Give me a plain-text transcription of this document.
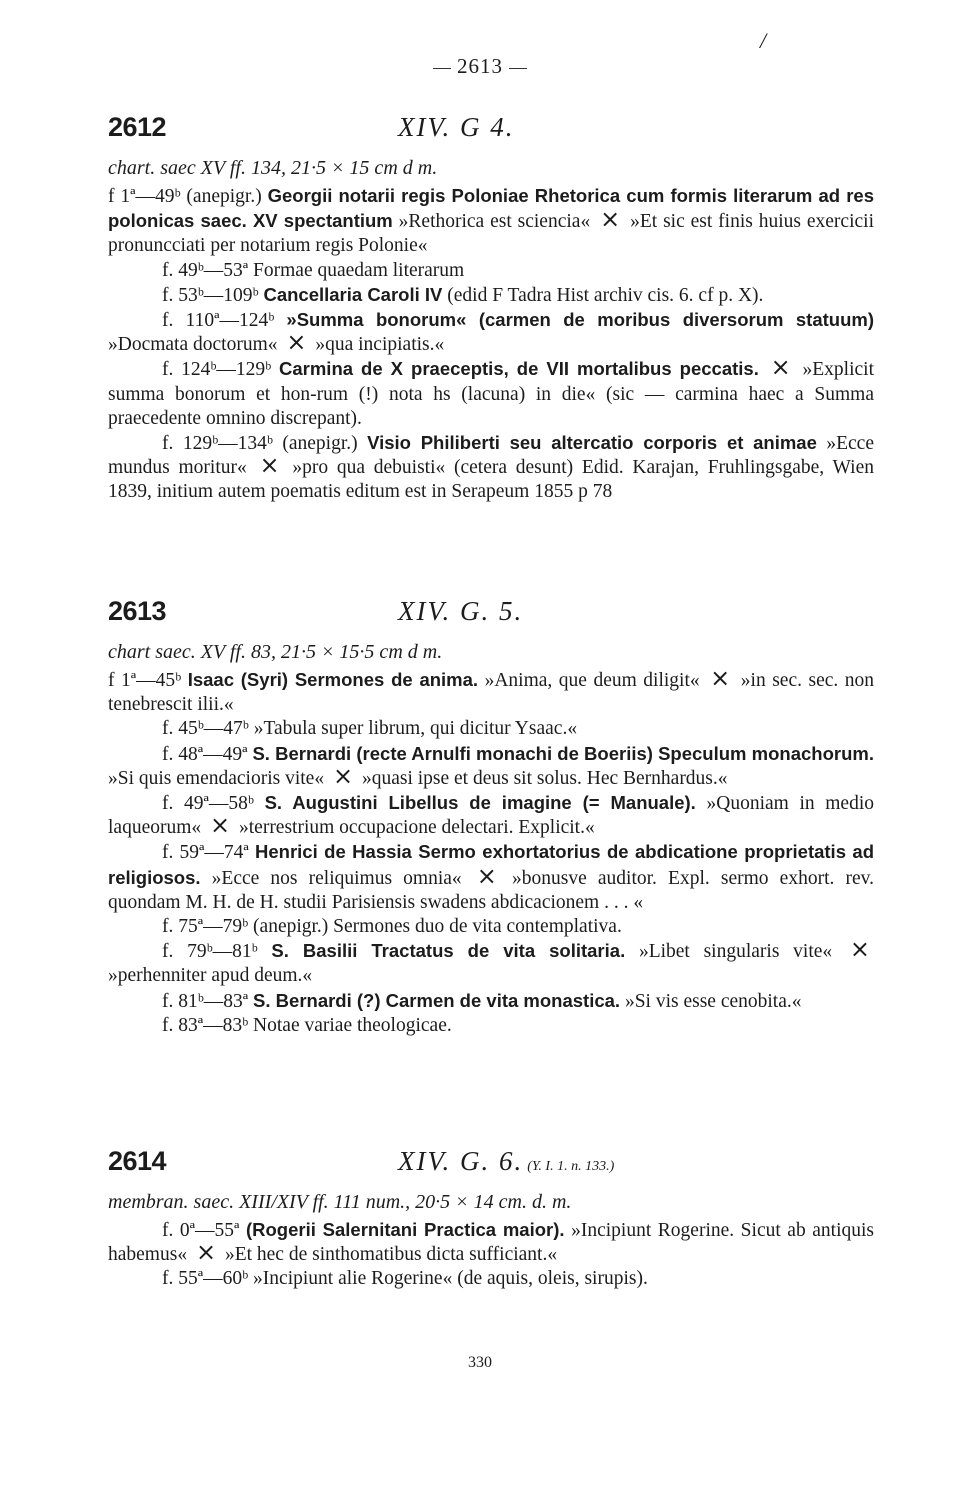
/
2613
2612	XIV. G 4.
chart. saec XV ff. 134, 21·5 × 15 cm d m.

f 1ª—49ᵇ (anepigr.) Georgii notarii regis Poloniae Rhetorica cum formis literarum ad res polonicas saec. XV spectantium »Rethorica est sciencia« × »Et sic est finis huius exercicii pronuncciati per notarium regis Polonie«

f. 49ᵇ—53ª Formae quaedam literarum

f. 53ᵇ—109ᵇ Cancellaria Caroli IV (edid F Tadra Hist archiv cis. 6. cf p. X).

f. 110ª—124ᵇ »Summa bonorum« (carmen de moribus diversorum statuum) »Docmata doctorum« × »qua incipiatis.«

f. 124ᵇ—129ᵇ Carmina de X praeceptis, de VII mortalibus peccatis. × »Explicit summa bonorum et hon-rum (!) nota hs (lacuna) in die« (sic — carmina haec a Summa praecedente omnino discrepant).

f. 129ᵇ—134ᵇ (anepigr.) Visio Philiberti seu altercatio corporis et animae »Ecce mundus moritur« × »pro qua debuisti« (cetera desunt) Edid. Karajan, Fruhlingsgabe, Wien 1839, initium autem poematis editum est in Serapeum 1855 p 78

2613	XIV. G. 5.
chart saec. XV ff. 83, 21·5 × 15·5 cm d m.

f 1ª—45ᵇ Isaac (Syri) Sermones de anima. »Anima, que deum diligit« × »in sec. sec. non tenebrescit ilii.«

f. 45ᵇ—47ᵇ »Tabula super librum, qui dicitur Ysaac.«

f. 48ª—49ª S. Bernardi (recte Arnulfi monachi de Boeriis) Speculum monachorum. »Si quis emendacioris vite« × »quasi ipse et deus sit solus. Hec Bernhardus.«

f. 49ª—58ᵇ S. Augustini Libellus de imagine (= Manuale). »Quoniam in medio laqueorum« × »terrestrium occupacione delectari. Explicit.«

f. 59ª—74ª Henrici de Hassia Sermo exhortatorius de abdicatione proprietatis ad religiosos. »Ecce nos reliquimus omnia« × »bonusve auditor. Expl. sermo exhort. rev. quondam M. H. de H. studii Parisiensis swadens abdicacionem . . . «

f. 75ª—79ᵇ (anepigr.) Sermones duo de vita contemplativa.

f. 79ᵇ—81ᵇ S. Basilii Tractatus de vita solitaria. »Libet singularis vite« × »perhenniter apud deum.«

f. 81ᵇ—83ª S. Bernardi (?) Carmen de vita monastica. »Si vis esse cenobita.«

f. 83ª—83ᵇ Notae variae theologicae.

2614	XIV. G. 6. (Y. I. 1. n. 133.)
membran. saec. XIII/XIV ff. 111 num., 20·5 × 14 cm. d. m.

f. 0ª—55ª (Rogerii Salernitani Practica maior). »Incipiunt Rogerine. Sicut ab antiquis habemus« × »Et hec de sinthomatibus dicta sufficiant.«

f. 55ª—60ᵇ »Incipiunt alie Rogerine« (de aquis, oleis, sirupis).

330
